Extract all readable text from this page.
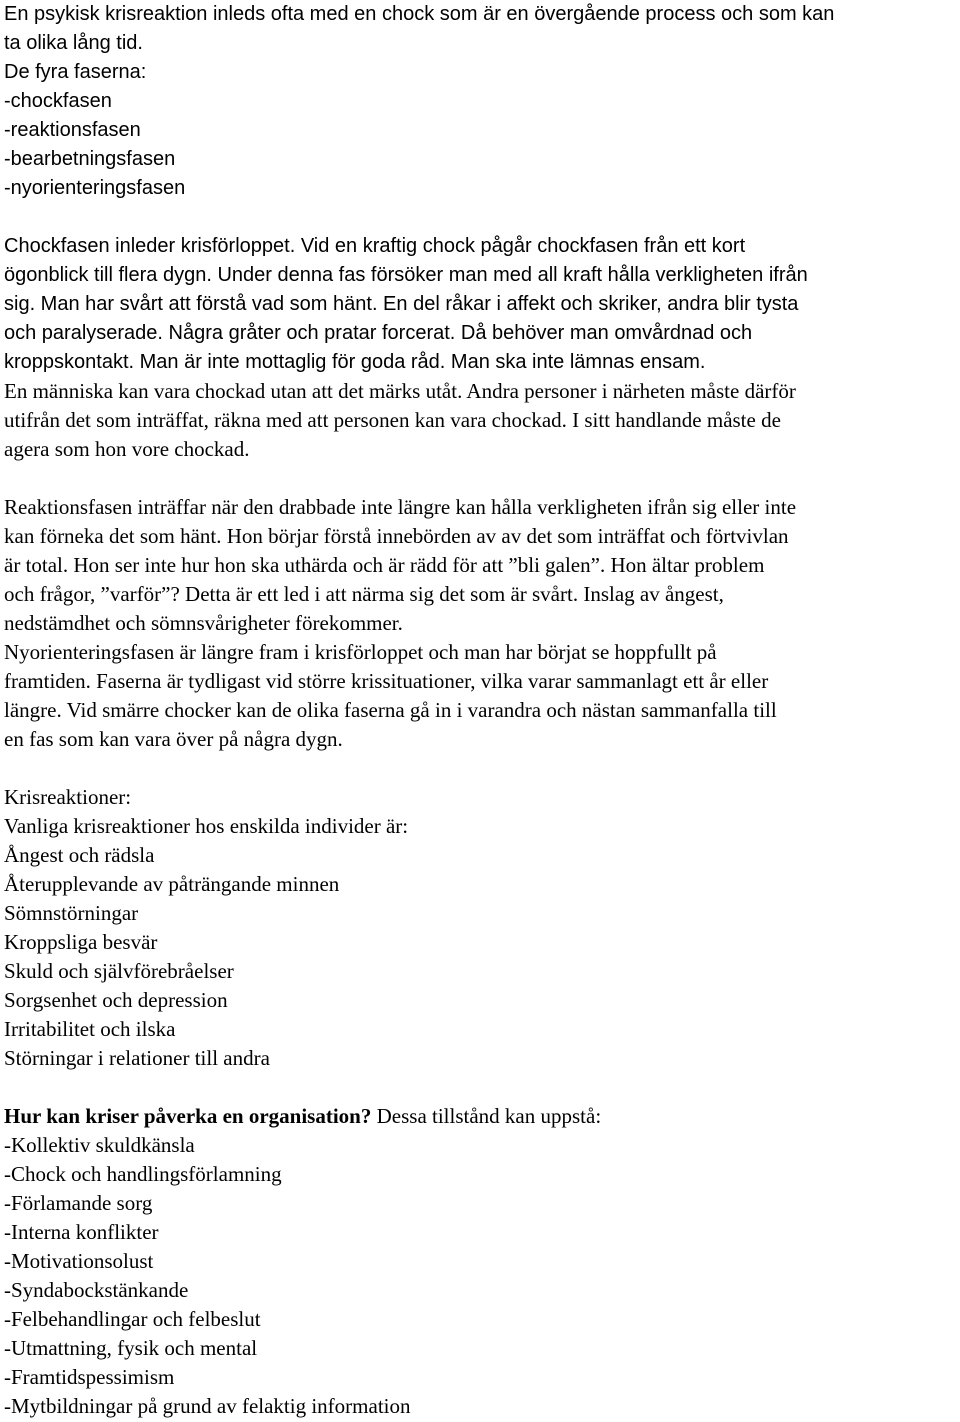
En psykisk krisreaktion inleds ofta med en chock som är en övergående process och som kan
ta olika lång tid.
De fyra faserna:
-chockfasen
-reaktionsfasen
-bearbetningsfasen
-nyorienteringsfasen
Chockfasen inleder krisförloppet. Vid en kraftig chock pågår chockfasen från ett kort
ögonblick till flera dygn. Under denna fas försöker man med all kraft hålla verkligheten ifrån
sig. Man har svårt att förstå vad som hänt. En del råkar i affekt och skriker, andra blir tysta
och paralyserade. Några gråter och pratar forcerat. Då behöver man omvårdnad och
kroppskontakt. Man är inte mottaglig för goda råd. Man ska inte lämnas ensam.
En människa kan vara chockad utan att det märks utåt. Andra personer i närheten måste därför
utifrån det som inträffat, räkna med att personen kan vara chockad. I sitt handlande måste de
agera som hon vore chockad.
Reaktionsfasen inträffar när den drabbade inte längre kan hålla verkligheten ifrån sig eller inte
kan förneka det som hänt. Hon börjar förstå innebörden av av det som inträffat och förtvivlan
är total. Hon ser inte hur hon ska uthärda och är rädd för att ”bli galen”. Hon ältar problem
och frågor, ”varför”? Detta är ett led i att närma sig det som är svårt. Inslag av ångest,
nedstämdhet och sömnsvårigheter förekommer.
Nyorienteringsfasen är längre fram i krisförloppet och man har börjat se hoppfullt på
framtiden. Faserna är tydligast vid större krissituationer, vilka varar sammanlagt ett år eller
längre. Vid smärre chocker kan de olika faserna gå in i varandra och nästan sammanfalla till
en fas som kan vara över på några dygn.
Krisreaktioner:
Vanliga krisreaktioner hos enskilda individer är:
Ångest och rädsla
Återupplevande av påträngande minnen
Sömnstörningar
Kroppsliga besvär
Skuld och självförebråelser
Sorgsenhet och depression
Irritabilitet och ilska
Störningar i relationer till andra
Hur kan kriser påverka en organisation? Dessa tillstånd kan uppstå:
-Kollektiv skuldkänsla
-Chock och handlingsförlamning
-Förlamande sorg
-Interna konflikter
-Motivationsolust
-Syndabockstänkande
-Felbehandlingar och felbeslut
-Utmattning, fysik och mental
-Framtidspessimism
-Mytbildningar på grund av felaktig information
